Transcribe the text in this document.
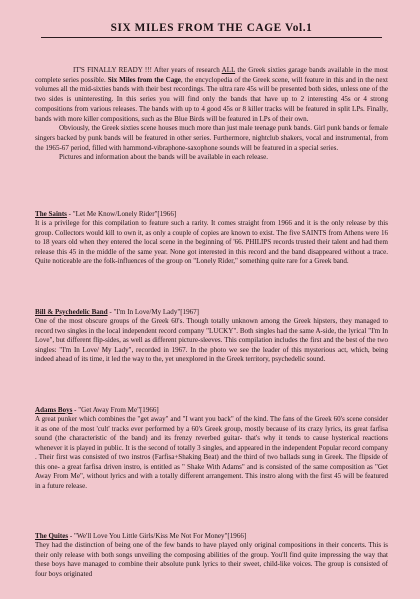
SIX MILES FROM THE CAGE Vol.1

IT'S FINALLY READY !!! After years of research ALL the Greek sixties garage bands available in the most complete series possible. Six Miles from the Cage, the encyclopedia of the Greek scene, will feature in this and in the next volumes all the mid-sixties bands with their best recordings. The ultra rare 45s will be presented both sides, unless one of the two sides is uninteresting. In this series you will find only the bands that have up to 2 interesting 45s or 4 strong compositions from various releases. The bands with up to 4 good 45s or 8 killer tracks will be featured in split LPs. Finally, bands with more killer compositions, such as the Blue Birds will be featured in LPs of their own.

Obviously, the Greek sixties scene houses much more than just male teenage punk bands. Girl punk bands or female singers backed by punk bands will be featured in other series. Furthermore, nightclub shakers, vocal and instrumental, from the 1965-67 period, filled with hammond-vibraphone-saxophone sounds will be featured in a special series.

Pictures and information about the bands will be available in each release.

The Saints - "Let Me Know/Lonely Rider"[1966]

It is a privilege for this compilation to feature such a rarity. It comes straight from 1966 and it is the only release by this group. Collectors would kill to own it, as only a couple of copies are known to exist. The five SAINTS from Athens were 16 to 18 years old when they entered the local scene in the beginning of '66. PHILIPS records trusted their talent and had them release this 45 in the middle of the same year. None got interested in this record and the band disappeared without a trace. Quite noticeable are the folk-influences of the group on "Lonely Rider," something quite rare for a Greek band.

Bill & Psychedelic Band - "I'm In Love/My Lady"[1967]

One of the most obscure groups of the Greek 60's. Though totally unknown among the Greek hipsters, they managed to record two singles in the local independent record company "LUCKY". Both singles had the same A-side, the lyrical "I'm In Love", but different flip-sides, as well as different picture-sleeves. This compilation includes the first and the best of the two singles: "I'm In Love/ My Lady", recorded in 1967. In the photo we see the leader of this mysterious act, which, being indeed ahead of its time, it led the way to the, yet unexplored in the Greek territory, psychedelic sound.

Adams Boys - "Get Away From Me"[1966]

A great punker which combines the "get away" and "I want you back" of the kind. The fans of the Greek 60's scene consider it as one of the most 'cult' tracks ever performed by a 60's Greek group, mostly because of its crazy lyrics, its great farfisa sound (the characteristic of the band) and its frenzy reverbed guitar- that's why it tends to cause hysterical reactions whenever it is played in public. It is the second of totally 3 singles, and appeared in the independent Popular record company . Their first was consisted of two instros (Farfisa+Shaking Beat) and the third of two ballads sung in Greek. The flipside of this one- a great farfisa driven instro, is entitled as " Shake With Adams" and is consisted of the same composition as "Get Away From Me", without lyrics and with a totally different arrangement. This instro along with the first 45 will be featured in a future release.

The Quites - "We'll Love You Little Girls/Kiss Me Not For Money"[1966]

They had the distinction of being one of the few bands to have played only original compositions in their concerts. This is their only release with both songs unveiling the composing abilities of the group. You'll find quite impressing the way that these boys have managed to combine their absolute punk lyrics to their sweet, child-like voices. The group is consisted of four boys originated
